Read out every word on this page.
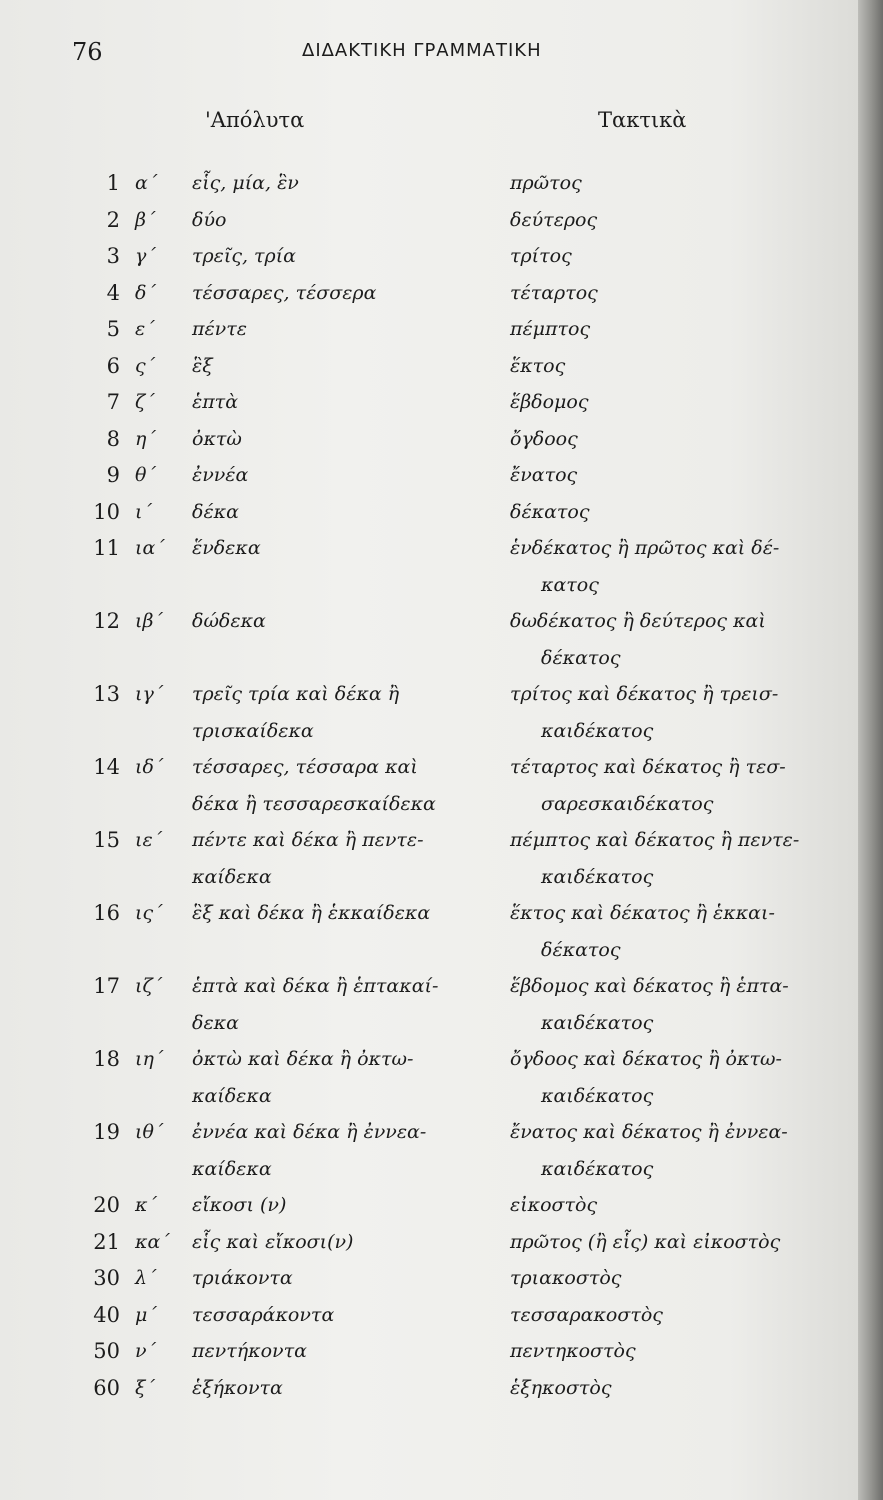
76	ΔΙΔΑΚΤΙΚΗ ΓΡΑΜΜΑΤΙΚΗ
'Απόλυτα	Τακτικὰ
1 α΄	εἷς, μία, ἓν	πρῶτος
2 β΄	δύο	δεύτερος
3 γ΄	τρεῖς, τρία	τρίτος
4 δ΄	τέσσαρες, τέσσερα	τέταρτος
5 ε΄	πέντε	πέμπτος
6 ς΄	ἓξ	ἕκτος
7 ζ΄	ἑπτὰ	ἕβδομος
8 η΄	ὀκτὼ	ὄγδοος
9 θ΄	ἐννέα	ἔνατος
10 ι΄	δέκα	δέκατος
11 ια΄	ἕνδεκα	ἑνδέκατος ἢ πρῶτος καὶ δέ-
κατος
12 ιβ΄	δώδεκα	δωδέκατος ἢ δεύτερος καὶ
δέκατος
13 ιγ΄	τρεῖς τρία καὶ δέκα ἢ	τρίτος καὶ δέκατος ἢ τρεισ-
τρισκαίδεκα	καιδέκατος
14 ιδ΄	τέσσαρες, τέσσαρα καὶ	τέταρτος καὶ δέκατος ἢ τεσ-
δέκα ἢ τεσσαρεσκαίδεκα	σαρεσκαιδέκατος
15 ιε΄	πέντε καὶ δέκα ἢ πεντε-	πέμπτος καὶ δέκατος ἢ πεντε-
καίδεκα	καιδέκατος
16 ις΄	ἓξ καὶ δέκα ἢ ἑκκαίδεκα	ἕκτος καὶ δέκατος ἢ ἑκκαι-
δέκατος
17 ιζ΄	ἑπτὰ καὶ δέκα ἢ ἑπτακαί-	ἕβδομος καὶ δέκατος ἢ ἑπτα-
δεκα	καιδέκατος
18 ιη΄	ὀκτὼ καὶ δέκα ἢ ὀκτω-	ὄγδοος καὶ δέκατος ἢ ὀκτω-
καίδεκα	καιδέκατος
19 ιθ΄	ἐννέα καὶ δέκα ἢ ἐννεα-	ἔνατος καὶ δέκατος ἢ ἐννεα-
καίδεκα	καιδέκατος
20 κ΄	εἴκοσι (ν)	εἰκοστὸς
21 κα΄	εἷς καὶ εἴκοσι(ν)	πρῶτος (ἢ εἷς) καὶ εἰκοστὸς
30 λ΄	τριάκοντα	τριακοστὸς
40 μ΄	τεσσαράκοντα	τεσσαρακοστὸς
50 ν΄	πεντήκοντα	πεντηκοστὸς
60 ξ΄	ἑξήκοντα	ἑξηκοστὸς
